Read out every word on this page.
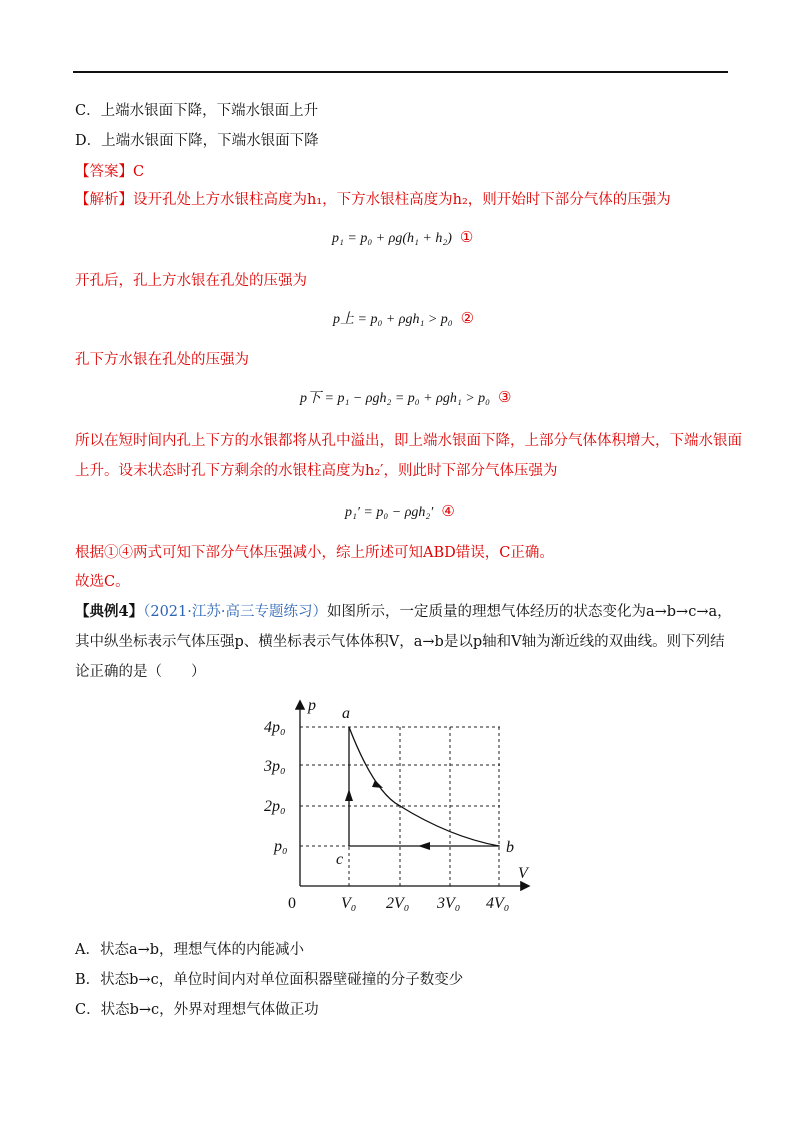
C．上端水银面下降，下端水银面上升
D．上端水银面下降，下端水银面下降
【答案】C
【解析】设开孔处上方水银柱高度为h₁，下方水银柱高度为h₂，则开始时下部分气体的压强为
p₁ = p₀ + ρg(h₁ + h₂) ①
开孔后，孔上方水银在孔处的压强为
p上 = p₀ + ρgh₁ > p₀ ②
孔下方水银在孔处的压强为
p下 = p₁ − ρgh₂ = p₀ + ρgh₁ > p₀ ③
所以在短时间内孔上下方的水银都将从孔中溢出，即上端水银面下降，上部分气体体积增大，下端水银面
上升。设末状态时孔下方剩余的水银柱高度为h₂′，则此时下部分气体压强为
p₁′ = p₀ − ρgh₂′ ④
根据①④两式可知下部分气体压强减小，综上所述可知ABD错误，C正确。
故选C。
【典例4】（2021·江苏·高三专题练习）如图所示，一定质量的理想气体经历的状态变化为a→b→c→a，
其中纵坐标表示气体压强p、横坐标表示气体体积V，a→b是以p轴和V轴为渐近线的双曲线。则下列结
论正确的是（　　）
p
V
0
a
b
c
4p₀
3p₀
2p₀
p₀
V₀ 2V₀ 3V₀ 4V₀
A．状态a→b，理想气体的内能减小
B．状态b→c，单位时间内对单位面积器壁碰撞的分子数变少
C．状态b→c，外界对理想气体做正功
